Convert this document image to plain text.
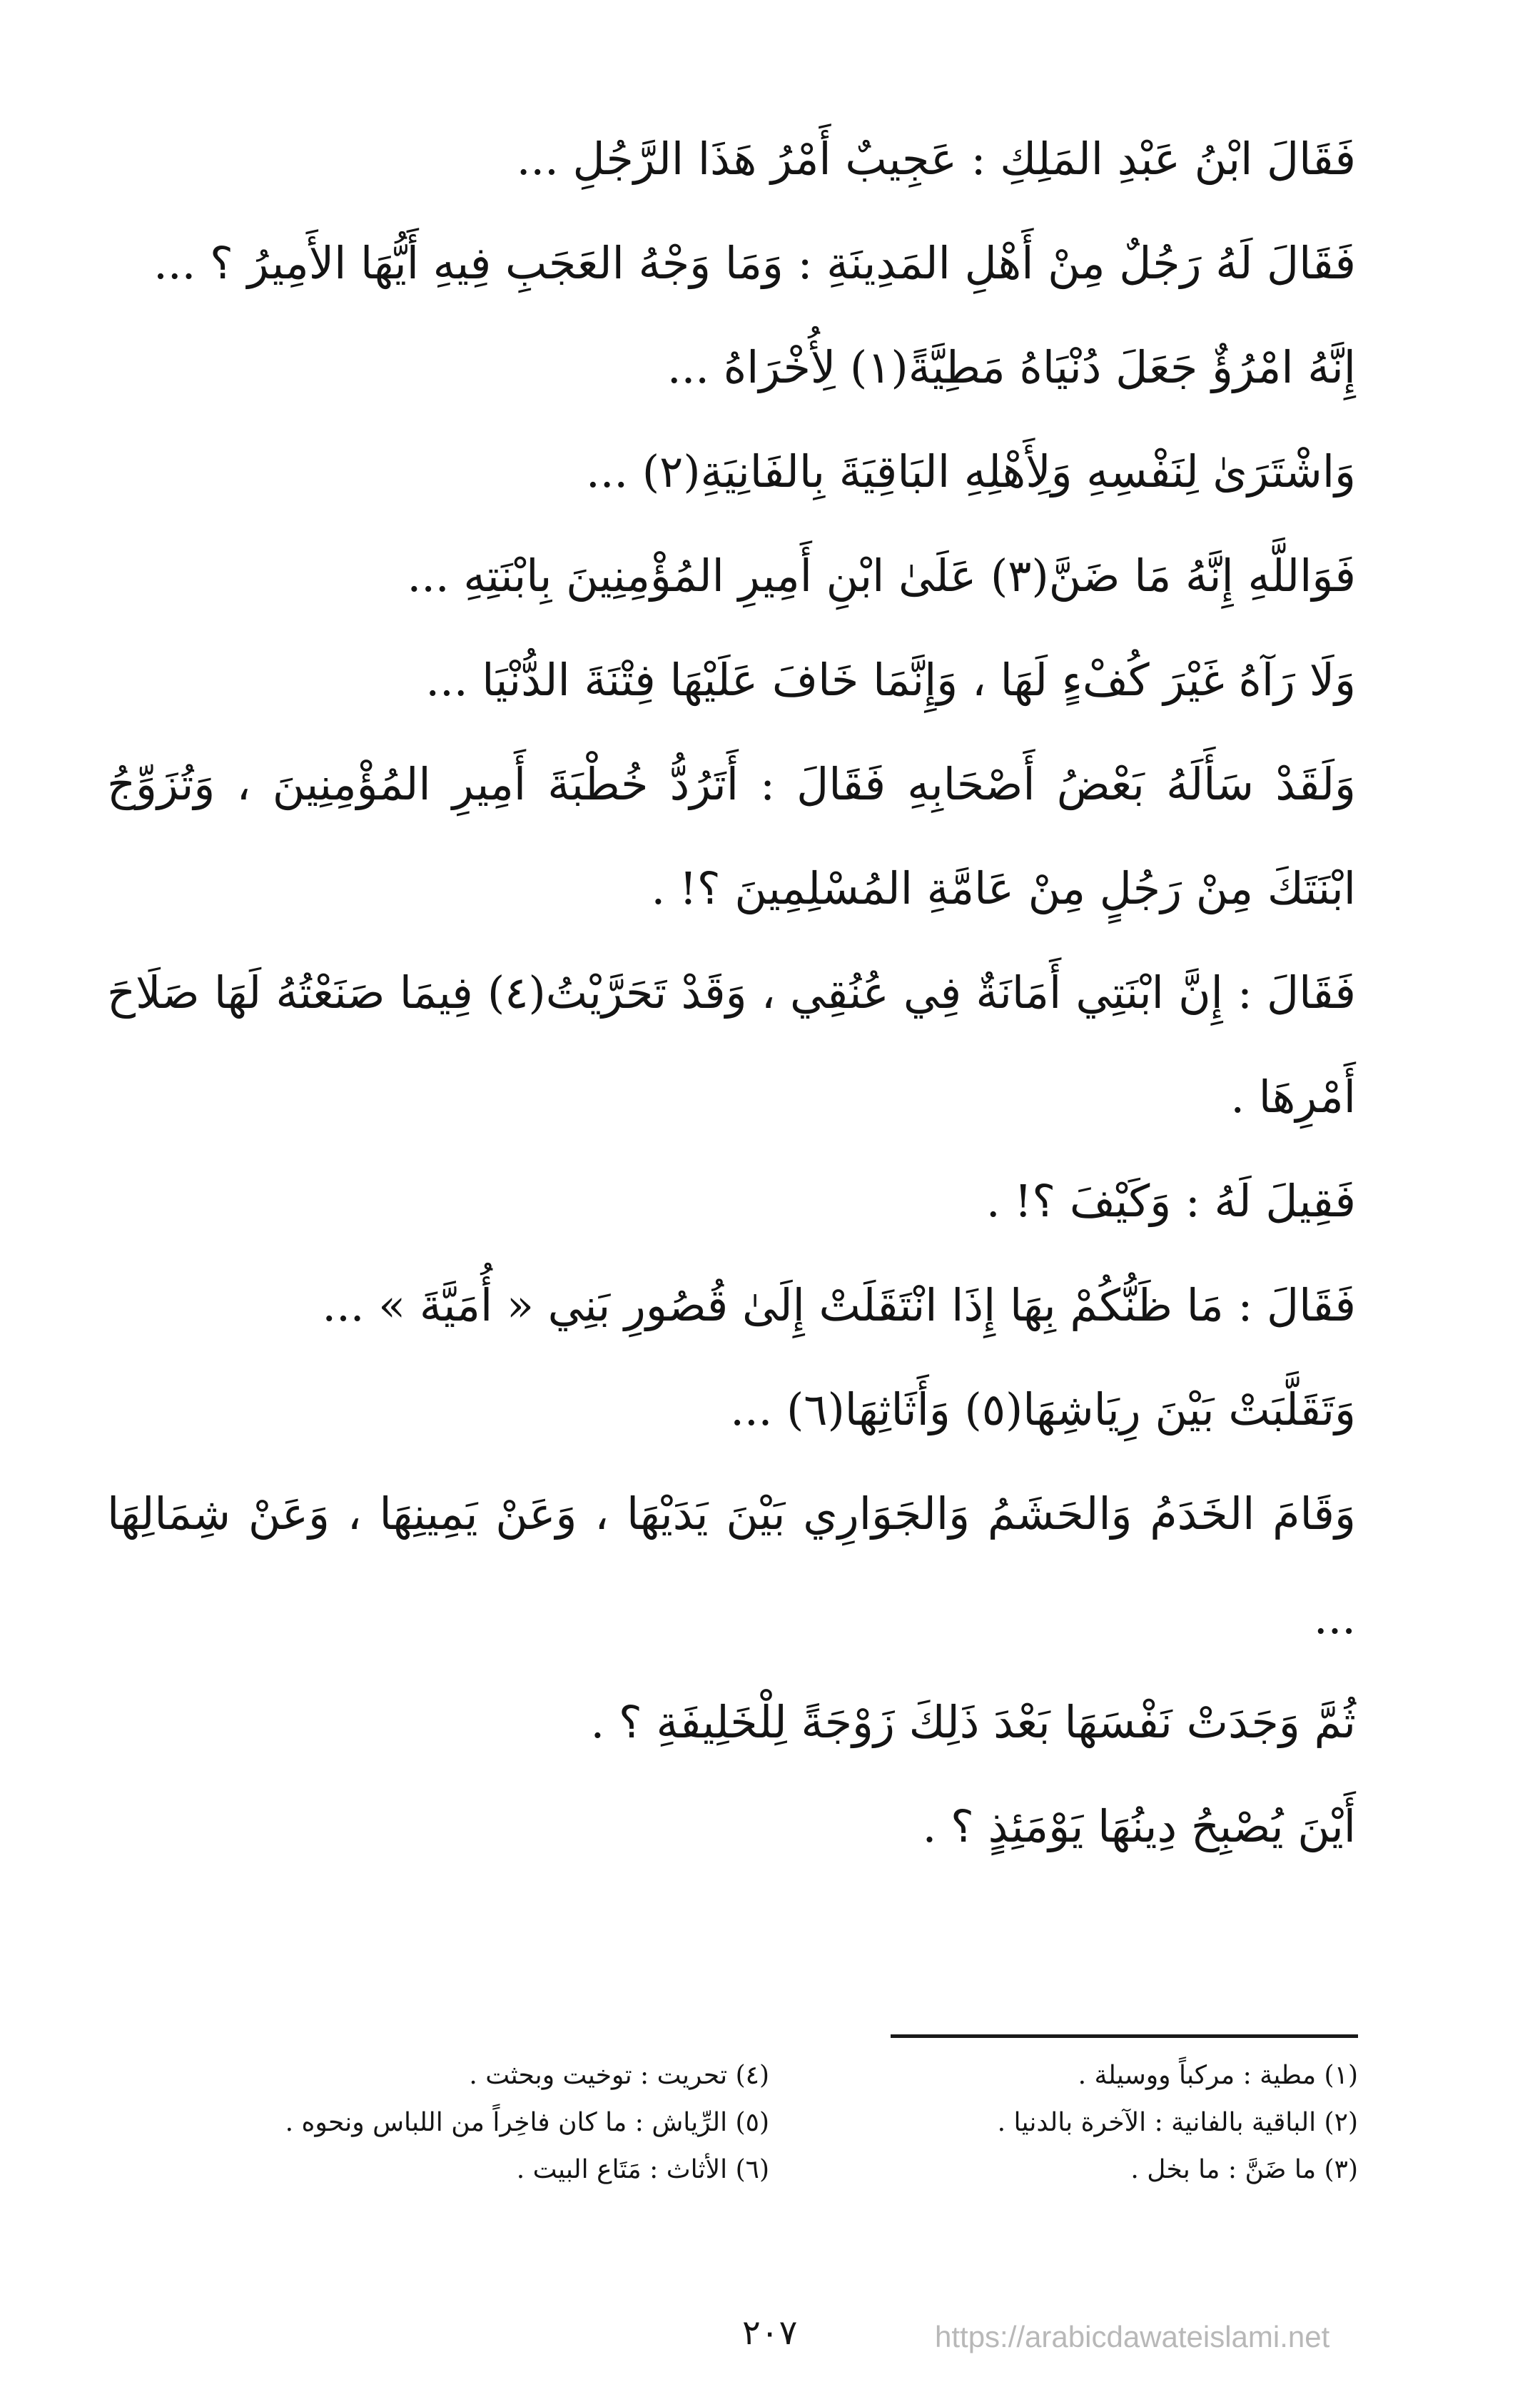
فَقَالَ ابْنُ عَبْدِ المَلِكِ : عَجِيبٌ أَمْرُ هَذَا الرَّجُلِ ...

فَقَالَ لَهُ رَجُلٌ مِنْ أَهْلِ المَدِينَةِ : وَمَا وَجْهُ العَجَبِ فِيهِ أَيُّهَا الأَمِيرُ ؟ ...

إِنَّهُ امْرُؤٌ جَعَلَ دُنْيَاهُ مَطِيَّةً(١) لِأُخْرَاهُ ...

وَاشْتَرَىٰ لِنَفْسِهِ وَلِأَهْلِهِ البَاقِيَةَ بِالفَانِيَةِ(٢) ...

فَوَاللَّهِ إِنَّهُ مَا ضَنَّ(٣) عَلَىٰ ابْنِ أَمِيرِ المُؤْمِنِينَ بِابْنَتِهِ ...

وَلَا رَآهُ غَيْرَ كُفْءٍ لَهَا ، وَإِنَّمَا خَافَ عَلَيْهَا فِتْنَةَ الدُّنْيَا ...

وَلَقَدْ سَأَلَهُ بَعْضُ أَصْحَابِهِ فَقَالَ : أَتَرُدُّ خُطْبَةَ أَمِيرِ المُؤْمِنِينَ ، وَتُزَوِّجُ ابْنَتَكَ مِنْ رَجُلٍ مِنْ عَامَّةِ المُسْلِمِينَ ؟! .

فَقَالَ : إِنَّ ابْنَتِي أَمَانَةٌ فِي عُنُقِي ، وَقَدْ تَحَرَّيْتُ(٤) فِيمَا صَنَعْتُهُ لَهَا صَلَاحَ أَمْرِهَا .

فَقِيلَ لَهُ : وَكَيْفَ ؟! .

فَقَالَ : مَا ظَنُّكُمْ بِهَا إِذَا انْتَقَلَتْ إِلَىٰ قُصُورِ بَنِي « أُمَيَّةَ » ...

وَتَقَلَّبَتْ بَيْنَ رِيَاشِهَا(٥) وَأَثَاثِهَا(٦) ...

وَقَامَ الخَدَمُ وَالحَشَمُ وَالجَوَارِي بَيْنَ يَدَيْهَا ، وَعَنْ يَمِينِهَا ، وَعَنْ شِمَالِهَا ...

ثُمَّ وَجَدَتْ نَفْسَهَا بَعْدَ ذَلِكَ زَوْجَةً لِلْخَلِيفَةِ ؟ .

أَيْنَ يُصْبِحُ دِينُهَا يَوْمَئِذٍ ؟ .

(١) مطية : مركباً ووسيلة .
(٢) الباقية بالفانية : الآخرة بالدنيا .
(٣) ما ضَنَّ : ما بخل .
(٤) تحريت : توخيت وبحثت .
(٥) الرِّياش : ما كان فاخِراً من اللباس ونحوه .
(٦) الأثاث : مَتَاع البيت .
٢٠٧	https://arabicdawateislami.net
